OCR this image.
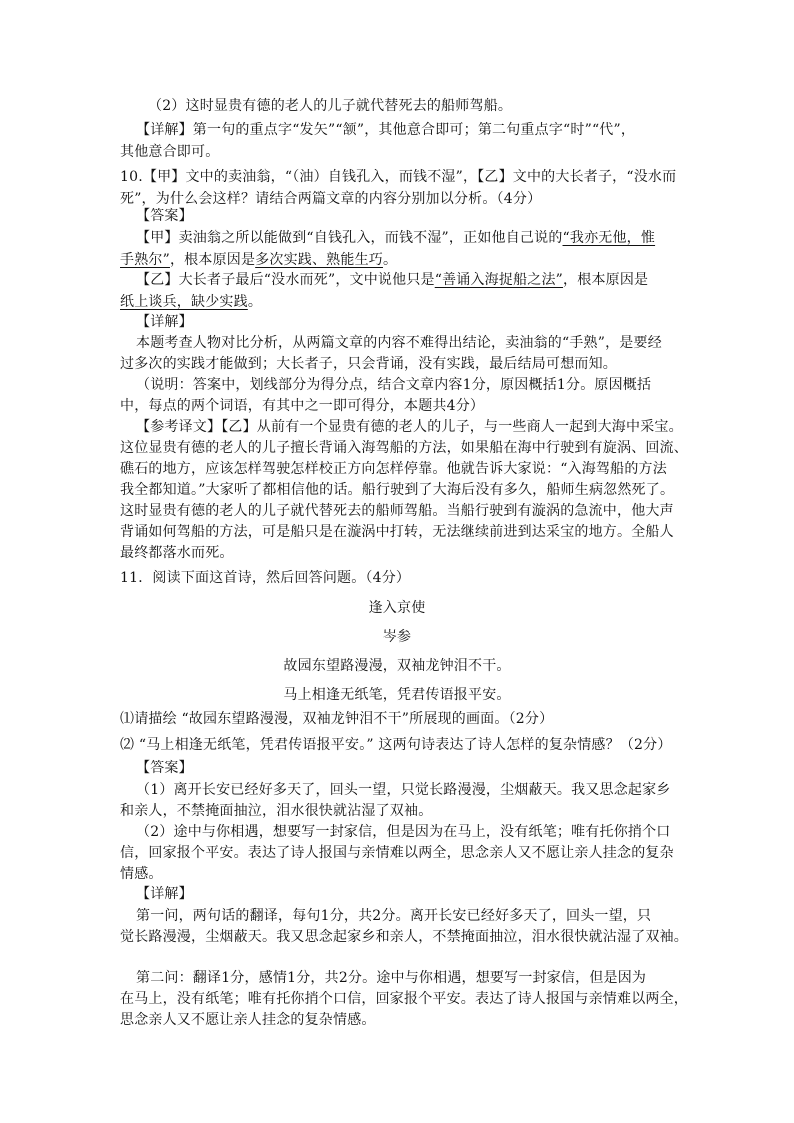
（2）这时显贵有德的老人的儿子就代替死去的船师驾船。
【详解】第一句的重点字“发矢”“颔”，其他意合即可；第二句重点字“时”“代”，
其他意合即可。
10.【甲】文中的卖油翁，“（油）自钱孔入，而钱不湿”，【乙】文中的大长者子，“没水而
死”，为什么会这样？请结合两篇文章的内容分别加以分析。（4分）
【答案】
【甲】卖油翁之所以能做到“自钱孔入，而钱不湿”，正如他自己说的“我亦无他，惟
手熟尔”，根本原因是多次实践、熟能生巧。
【乙】大长者子最后“没水而死”，文中说他只是“善诵入海捉船之法”，根本原因是
纸上谈兵，缺少实践。
【详解】
本题考查人物对比分析，从两篇文章的内容不难得出结论，卖油翁的“手熟”，是要经
过多次的实践才能做到；大长者子，只会背诵，没有实践，最后结局可想而知。
（说明：答案中，划线部分为得分点，结合文章内容1分，原因概括1分。原因概括
中，每点的两个词语，有其中之一即可得分，本题共4分）
【参考译文】【乙】从前有一个显贵有德的老人的儿子，与一些商人一起到大海中采宝。
这位显贵有德的老人的儿子擅长背诵入海驾船的方法，如果船在海中行驶到有旋涡、回流、
礁石的地方，应该怎样驾驶怎样校正方向怎样停靠。他就告诉大家说：“入海驾船的方法
我全都知道。”大家听了都相信他的话。船行驶到了大海后没有多久，船师生病忽然死了。
这时显贵有德的老人的儿子就代替死去的船师驾船。当船行驶到有漩涡的急流中，他大声
背诵如何驾船的方法，可是船只是在漩涡中打转，无法继续前进到达采宝的地方。全船人
最终都落水而死。
11．阅读下面这首诗，然后回答问题。（4分）
逢入京使
岑参
故园东望路漫漫，双袖龙钟泪不干。
马上相逢无纸笔，凭君传语报平安。
⑴请描绘 “故园东望路漫漫，双袖龙钟泪不干”所展现的画面。（2分）
⑵ “马上相逢无纸笔，凭君传语报平安。” 这两句诗表达了诗人怎样的复杂情感？（2分）
【答案】
（1）离开长安已经好多天了，回头一望，只觉长路漫漫，尘烟蔽天。我又思念起家乡
和亲人，不禁掩面抽泣，泪水很快就沾湿了双袖。
（2）途中与你相遇，想要写一封家信，但是因为在马上，没有纸笔；唯有托你捎个口
信，回家报个平安。表达了诗人报国与亲情难以两全，思念亲人又不愿让亲人挂念的复杂
情感。
【详解】
第一问，两句话的翻译，每句1分，共2分。离开长安已经好多天了，回头一望，只
觉长路漫漫，尘烟蔽天。我又思念起家乡和亲人，不禁掩面抽泣，泪水很快就沾湿了双袖。
第二问：翻译1分，感情1分，共2分。途中与你相遇，想要写一封家信，但是因为
在马上，没有纸笔；唯有托你捎个口信，回家报个平安。表达了诗人报国与亲情难以两全，
思念亲人又不愿让亲人挂念的复杂情感。
